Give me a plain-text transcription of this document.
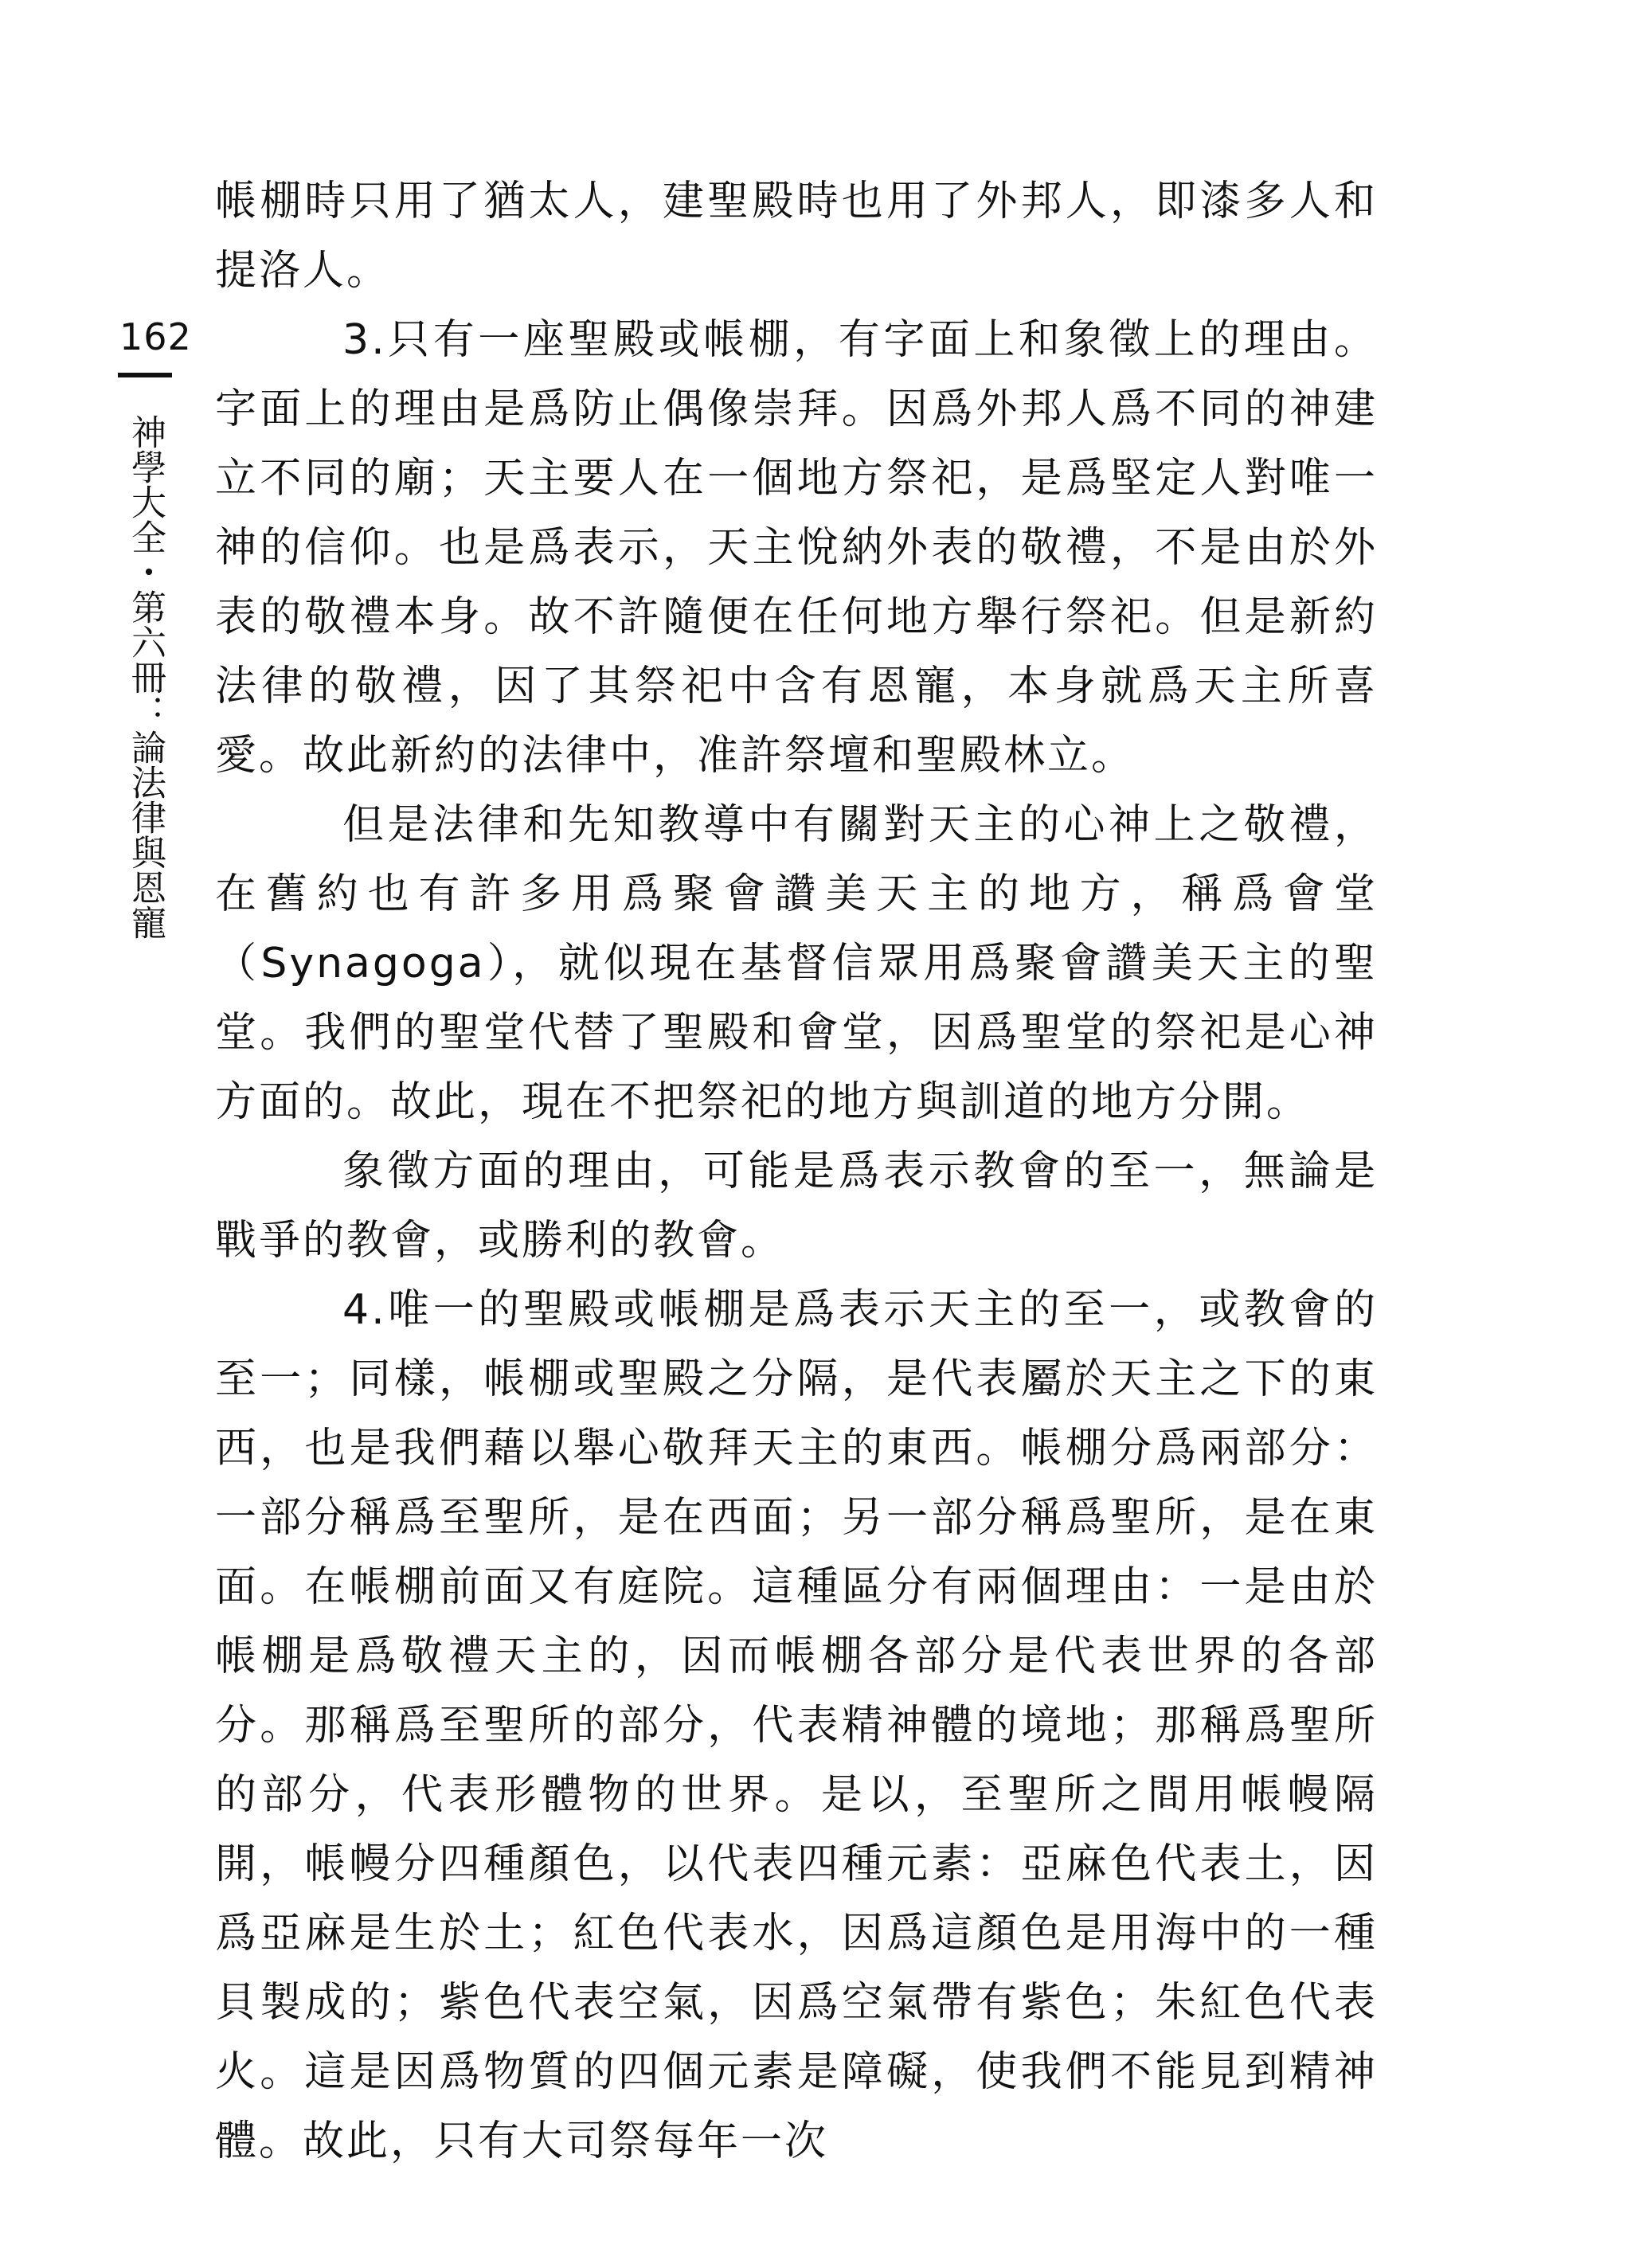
162
神學大全・第六冊：論法律與恩寵

帳棚時只用了猶太人，建聖殿時也用了外邦人，即漆多人和提洛人。

3.只有一座聖殿或帳棚，有字面上和象徵上的理由。字面上的理由是爲防止偶像崇拜。因爲外邦人爲不同的神建立不同的廟；天主要人在一個地方祭祀，是爲堅定人對唯一神的信仰。也是爲表示，天主悅納外表的敬禮，不是由於外表的敬禮本身。故不許隨便在任何地方舉行祭祀。但是新約法律的敬禮，因了其祭祀中含有恩寵，本身就爲天主所喜愛。故此新約的法律中，准許祭壇和聖殿林立。

但是法律和先知教導中有關對天主的心神上之敬禮，在舊約也有許多用爲聚會讚美天主的地方，稱爲會堂（Synagoga），就似現在基督信眾用爲聚會讚美天主的聖堂。我們的聖堂代替了聖殿和會堂，因爲聖堂的祭祀是心神方面的。故此，現在不把祭祀的地方與訓道的地方分開。

象徵方面的理由，可能是爲表示教會的至一，無論是戰爭的教會，或勝利的教會。

4.唯一的聖殿或帳棚是爲表示天主的至一，或教會的至一；同樣，帳棚或聖殿之分隔，是代表屬於天主之下的東西，也是我們藉以舉心敬拜天主的東西。帳棚分爲兩部分：一部分稱爲至聖所，是在西面；另一部分稱爲聖所，是在東面。在帳棚前面又有庭院。這種區分有兩個理由：一是由於帳棚是爲敬禮天主的，因而帳棚各部分是代表世界的各部分。那稱爲至聖所的部分，代表精神體的境地；那稱爲聖所的部分，代表形體物的世界。是以，至聖所之間用帳幔隔開，帳幔分四種顏色，以代表四種元素：亞麻色代表土，因爲亞麻是生於土；紅色代表水，因爲這顏色是用海中的一種貝製成的；紫色代表空氣，因爲空氣帶有紫色；朱紅色代表火。這是因爲物質的四個元素是障礙，使我們不能見到精神體。故此，只有大司祭每年一次
